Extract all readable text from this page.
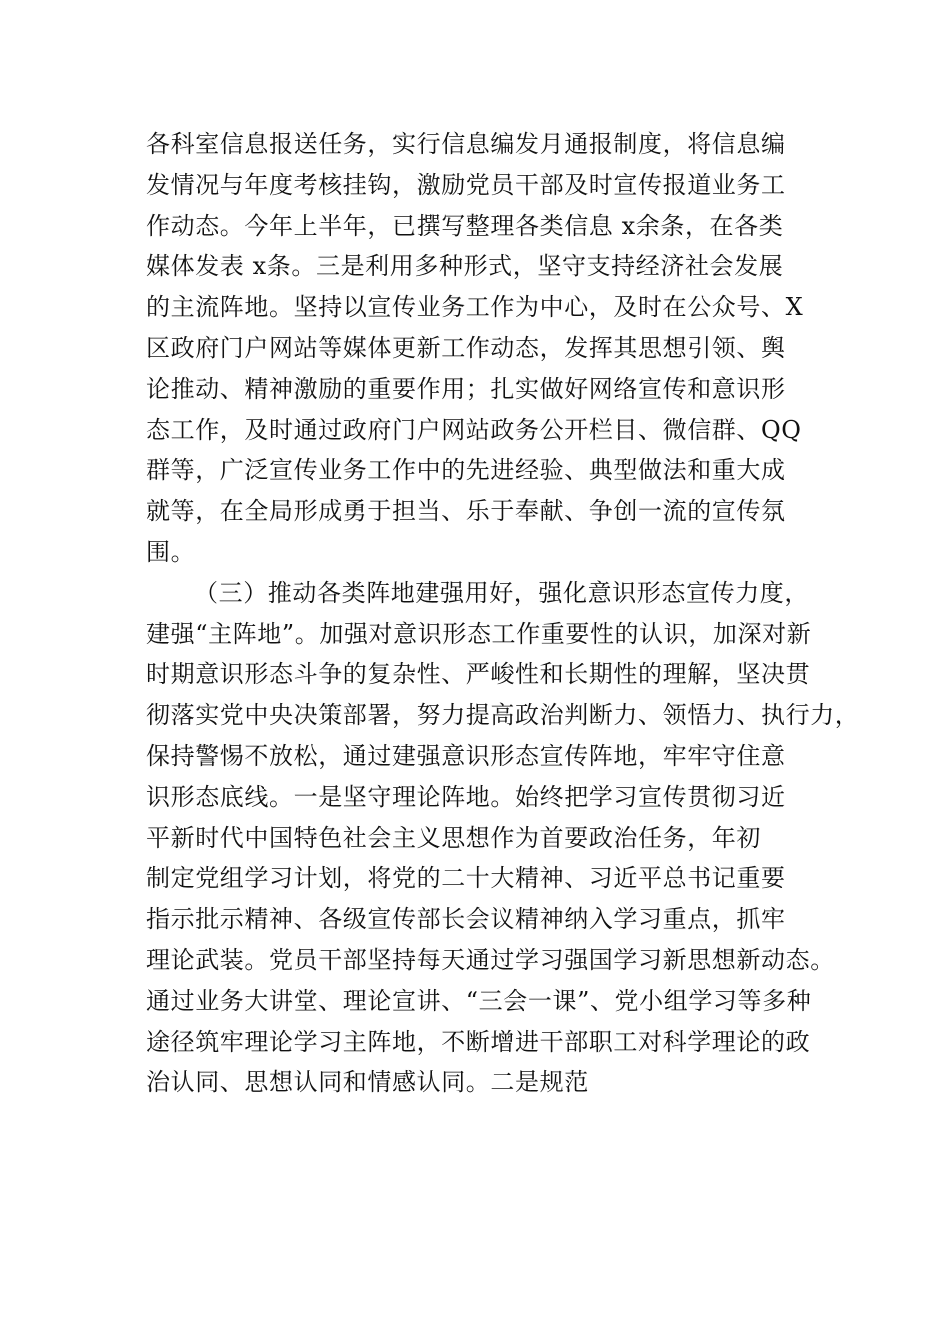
各科室信息报送任务，实行信息编发月通报制度，将信息编
发情况与年度考核挂钩，激励党员干部及时宣传报道业务工
作动态。今年上半年，已撰写整理各类信息 x余条，在各类
媒体发表 x条。三是利用多种形式，坚守支持经济社会发展
的主流阵地。坚持以宣传业务工作为中心，及时在公众号、X
区政府门户网站等媒体更新工作动态，发挥其思想引领、舆
论推动、精神激励的重要作用；扎实做好网络宣传和意识形
态工作，及时通过政府门户网站政务公开栏目、微信群、QQ
群等，广泛宣传业务工作中的先进经验、典型做法和重大成
就等，在全局形成勇于担当、乐于奉献、争创一流的宣传氛
围。
（三）推动各类阵地建强用好，强化意识形态宣传力度，
建强“主阵地”。加强对意识形态工作重要性的认识，加深对新
时期意识形态斗争的复杂性、严峻性和长期性的理解，坚决贯
彻落实党中央决策部署，努力提高政治判断力、领悟力、执行力，
保持警惕不放松，通过建强意识形态宣传阵地，牢牢守住意
识形态底线。一是坚守理论阵地。始终把学习宣传贯彻习近
平新时代中国特色社会主义思想作为首要政治任务，年初
制定党组学习计划，将党的二十大精神、习近平总书记重要
指示批示精神、各级宣传部长会议精神纳入学习重点，抓牢
理论武装。党员干部坚持每天通过学习强国学习新思想新动态。
通过业务大讲堂、理论宣讲、“三会一课”、党小组学习等多种
途径筑牢理论学习主阵地，不断增进干部职工对科学理论的政
治认同、思想认同和情感认同。二是规范
